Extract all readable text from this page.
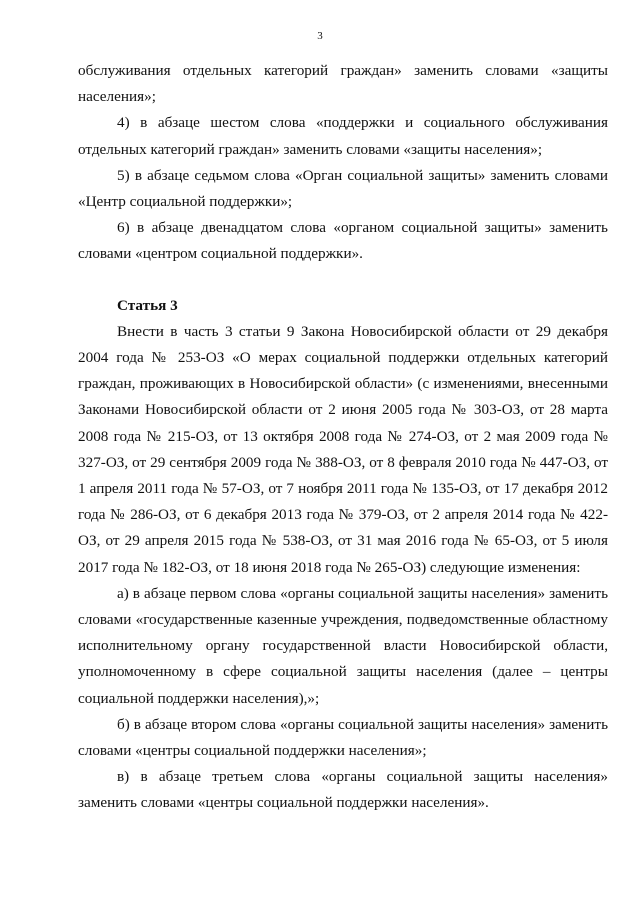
3

обслуживания отдельных категорий граждан» заменить словами «защиты населения»;

4) в абзаце шестом слова «поддержки и социального обслуживания отдельных категорий граждан» заменить словами «защиты населения»;

5) в абзаце седьмом слова «Орган социальной защиты» заменить словами «Центр социальной поддержки»;

6) в абзаце двенадцатом слова «органом социальной защиты» заменить словами «центром социальной поддержки».

Статья 3

Внести в часть 3 статьи 9 Закона Новосибирской области от 29 декабря 2004 года № 253-ОЗ «О мерах социальной поддержки отдельных категорий граждан, проживающих в Новосибирской области» (с изменениями, внесенными Законами Новосибирской области от 2 июня 2005 года № 303-ОЗ, от 28 марта 2008 года № 215-ОЗ, от 13 октября 2008 года № 274-ОЗ, от 2 мая 2009 года № 327-ОЗ, от 29 сентября 2009 года № 388-ОЗ, от 8 февраля 2010 года № 447-ОЗ, от 1 апреля 2011 года № 57-ОЗ, от 7 ноября 2011 года № 135-ОЗ, от 17 декабря 2012 года № 286-ОЗ, от 6 декабря 2013 года № 379-ОЗ, от 2 апреля 2014 года № 422-ОЗ, от 29 апреля 2015 года № 538-ОЗ, от 31 мая 2016 года № 65-ОЗ, от 5 июля 2017 года № 182-ОЗ, от 18 июня 2018 года № 265-ОЗ) следующие изменения:

а) в абзаце первом слова «органы социальной защиты населения» заменить словами «государственные казенные учреждения, подведомственные областному исполнительному органу государственной власти Новосибирской области, уполномоченному в сфере социальной защиты населения (далее – центры социальной поддержки населения),»;

б) в абзаце втором слова «органы социальной защиты населения» заменить словами «центры социальной поддержки населения»;

в) в абзаце третьем слова «органы социальной защиты населения» заменить словами «центры социальной поддержки населения».
